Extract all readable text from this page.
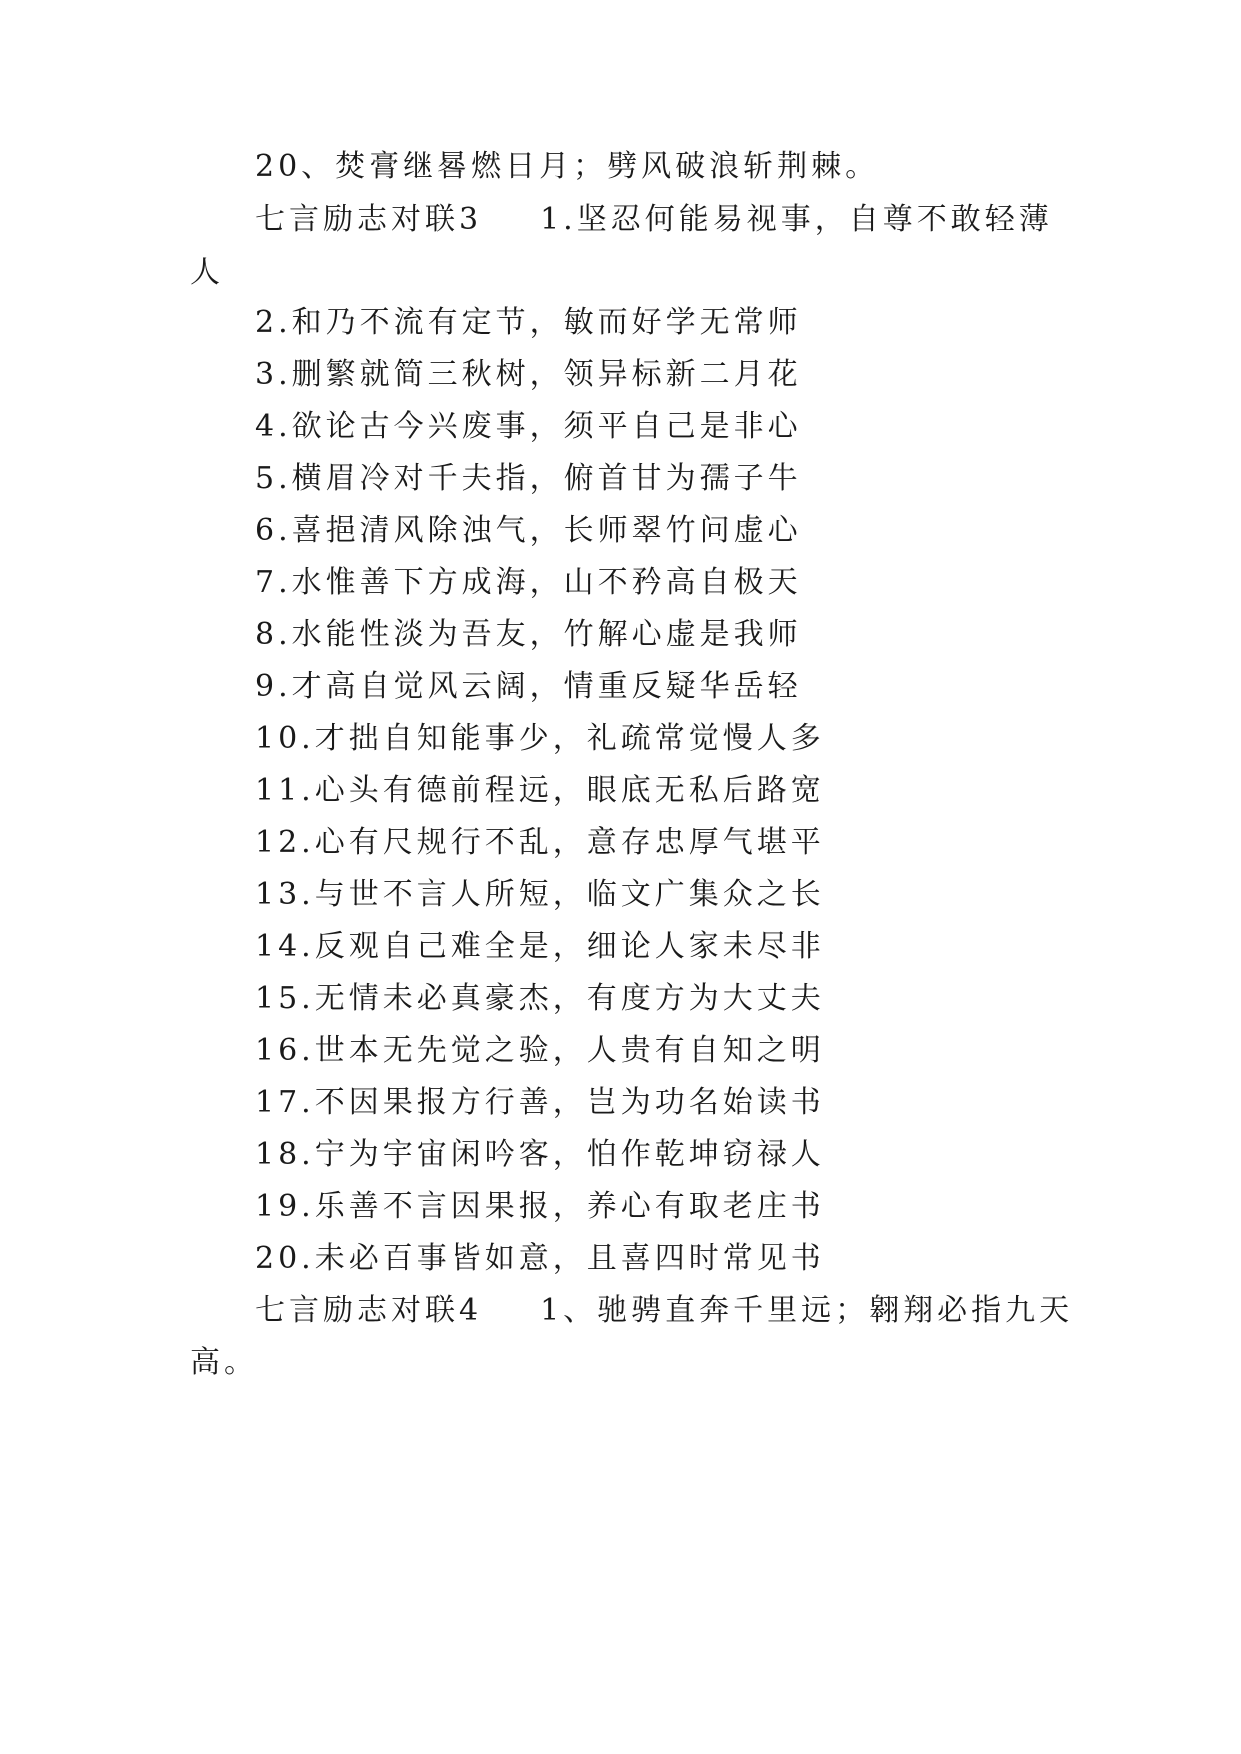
20、焚膏继晷燃日月；劈风破浪斩荆棘。
七言励志对联3 1.坚忍何能易视事，自尊不敢轻薄
人
2.和乃不流有定节，敏而好学无常师
3.删繁就简三秋树，领异标新二月花
4.欲论古今兴废事，须平自己是非心
5.横眉冷对千夫指，俯首甘为孺子牛
6.喜挹清风除浊气，长师翠竹问虚心
7.水惟善下方成海，山不矜高自极天
8.水能性淡为吾友，竹解心虚是我师
9.才高自觉风云阔，情重反疑华岳轻
10.才拙自知能事少，礼疏常觉慢人多
11.心头有德前程远，眼底无私后路宽
12.心有尺规行不乱，意存忠厚气堪平
13.与世不言人所短，临文广集众之长
14.反观自己难全是，细论人家未尽非
15.无情未必真豪杰，有度方为大丈夫
16.世本无先觉之验，人贵有自知之明
17.不因果报方行善，岂为功名始读书
18.宁为宇宙闲吟客，怕作乾坤窃禄人
19.乐善不言因果报，养心有取老庄书
20.未必百事皆如意，且喜四时常见书
七言励志对联4 1、驰骋直奔千里远；翱翔必指九天
高。
